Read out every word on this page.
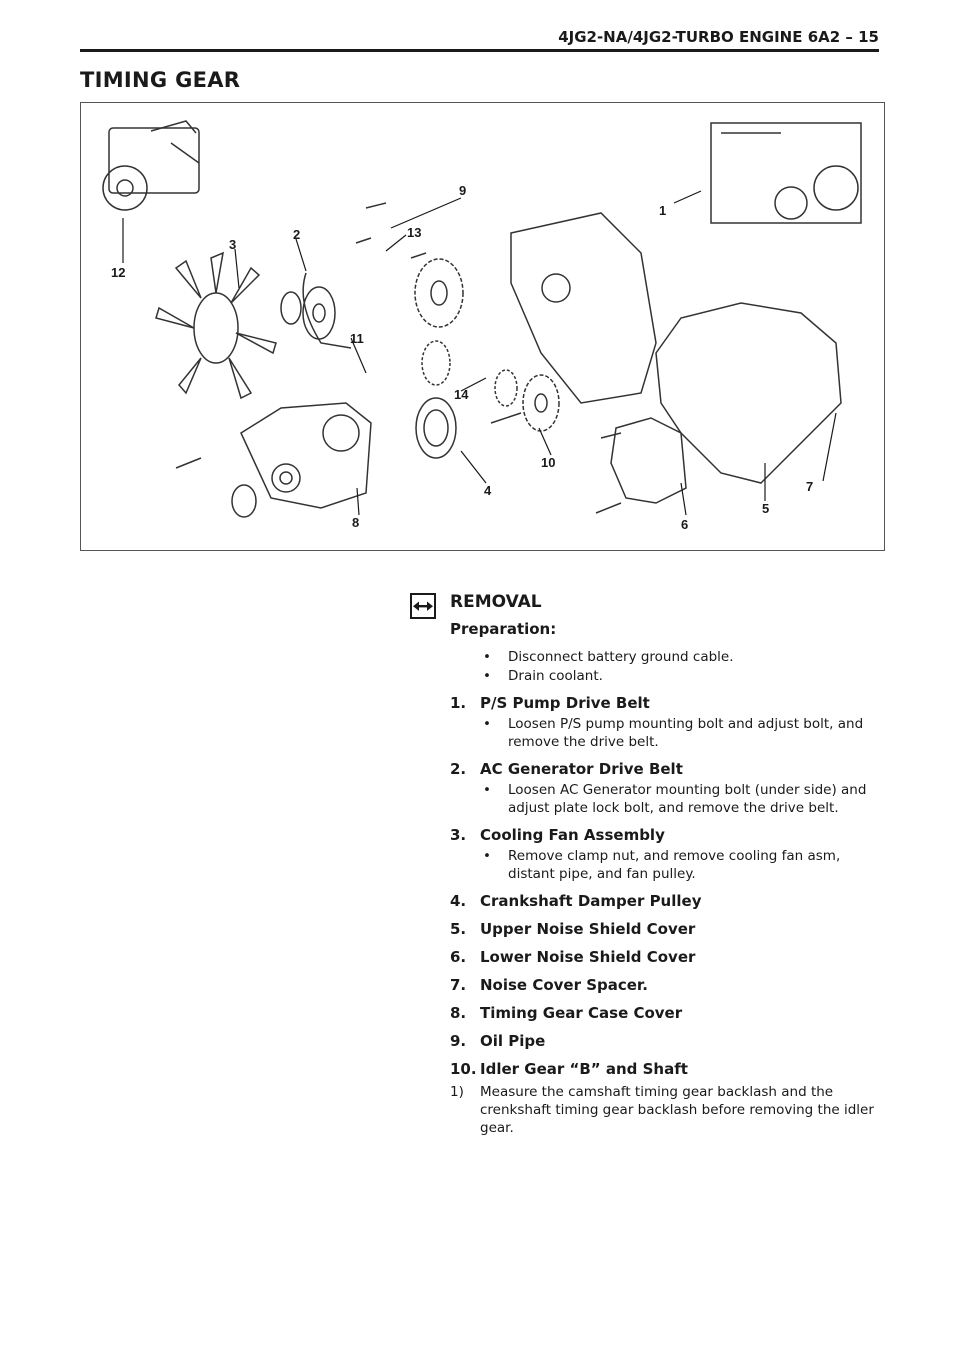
4JG2-NA/4JG2-TURBO ENGINE 6A2 – 15
TIMING GEAR
1
2
3
4
5
6
7
8
9
10
11
12
13
14
REMOVAL
Preparation:
• Disconnect battery ground cable.
• Drain coolant.
1. P/S Pump Drive Belt
• Loosen P/S pump mounting bolt and adjust bolt, and remove the drive belt.
2. AC Generator Drive Belt
• Loosen AC Generator mounting bolt (under side) and adjust plate lock bolt, and remove the drive belt.
3. Cooling Fan Assembly
• Remove clamp nut, and remove cooling fan asm, distant pipe, and fan pulley.
4. Crankshaft Damper Pulley
5. Upper Noise Shield Cover
6. Lower Noise Shield Cover
7. Noise Cover Spacer.
8. Timing Gear Case Cover
9. Oil Pipe
10. Idler Gear “B” and Shaft
1)	Measure the camshaft timing gear backlash and the crenkshaft timing gear backlash before removing the idler gear.
